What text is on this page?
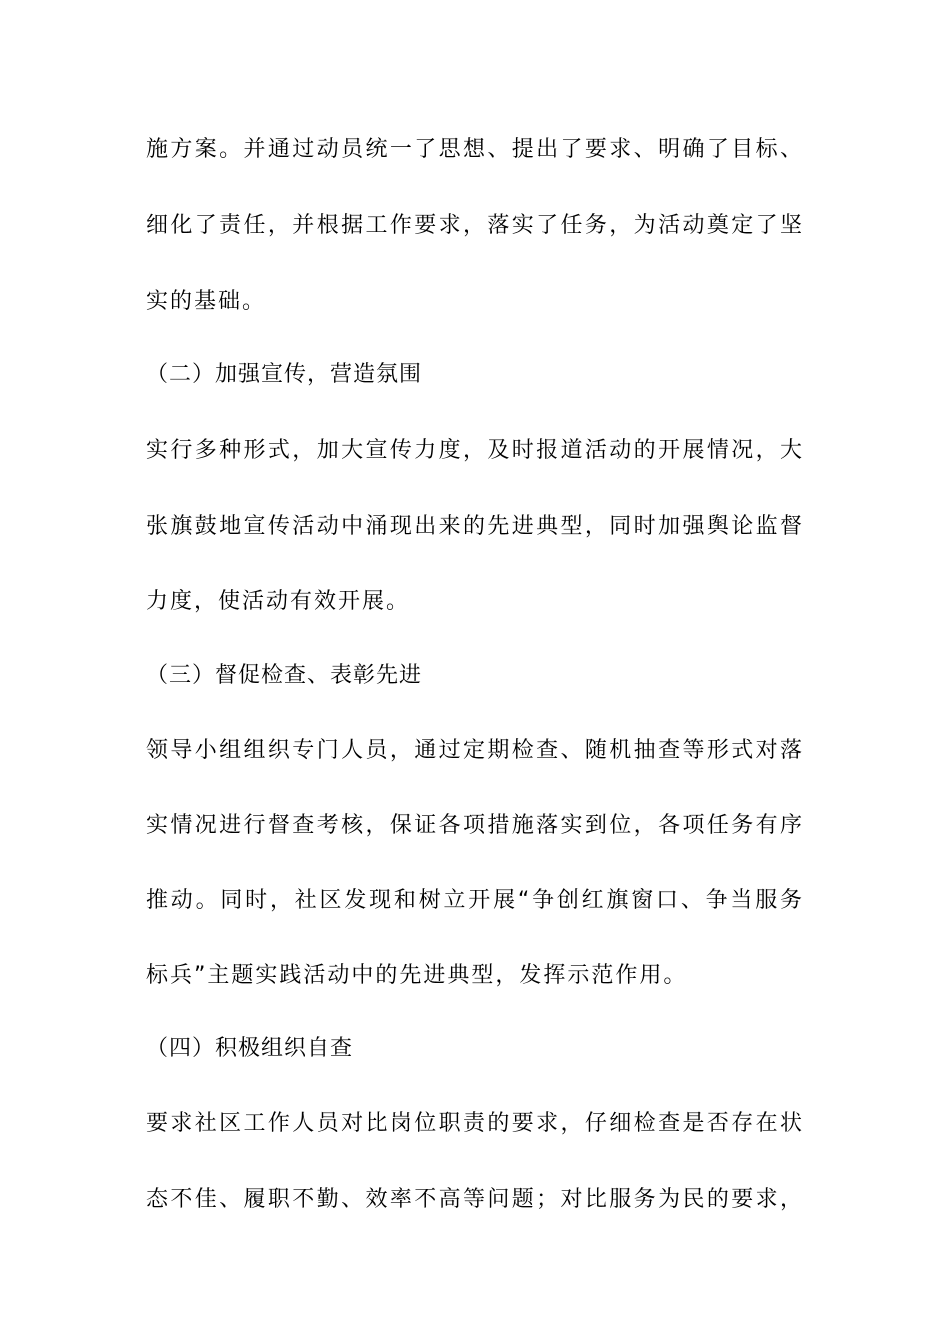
施方案。并通过动员统一了思想、提出了要求、明确了目标、
细化了责任，并根据工作要求，落实了任务，为活动奠定了坚
实的基础。
（二）加强宣传，营造氛围
实行多种形式，加大宣传力度，及时报道活动的开展情况，大
张旗鼓地宣传活动中涌现出来的先进典型，同时加强舆论监督
力度，使活动有效开展。
（三）督促检查、表彰先进
领导小组组织专门人员，通过定期检查、随机抽查等形式对落
实情况进行督查考核，保证各项措施落实到位，各项任务有序
推动。同时，社区发现和树立开展“争创红旗窗口、争当服务
标兵”主题实践活动中的先进典型，发挥示范作用。
（四）积极组织自查
要求社区工作人员对比岗位职责的要求，仔细检查是否存在状
态不佳、履职不勤、效率不高等问题；对比服务为民的要求，
